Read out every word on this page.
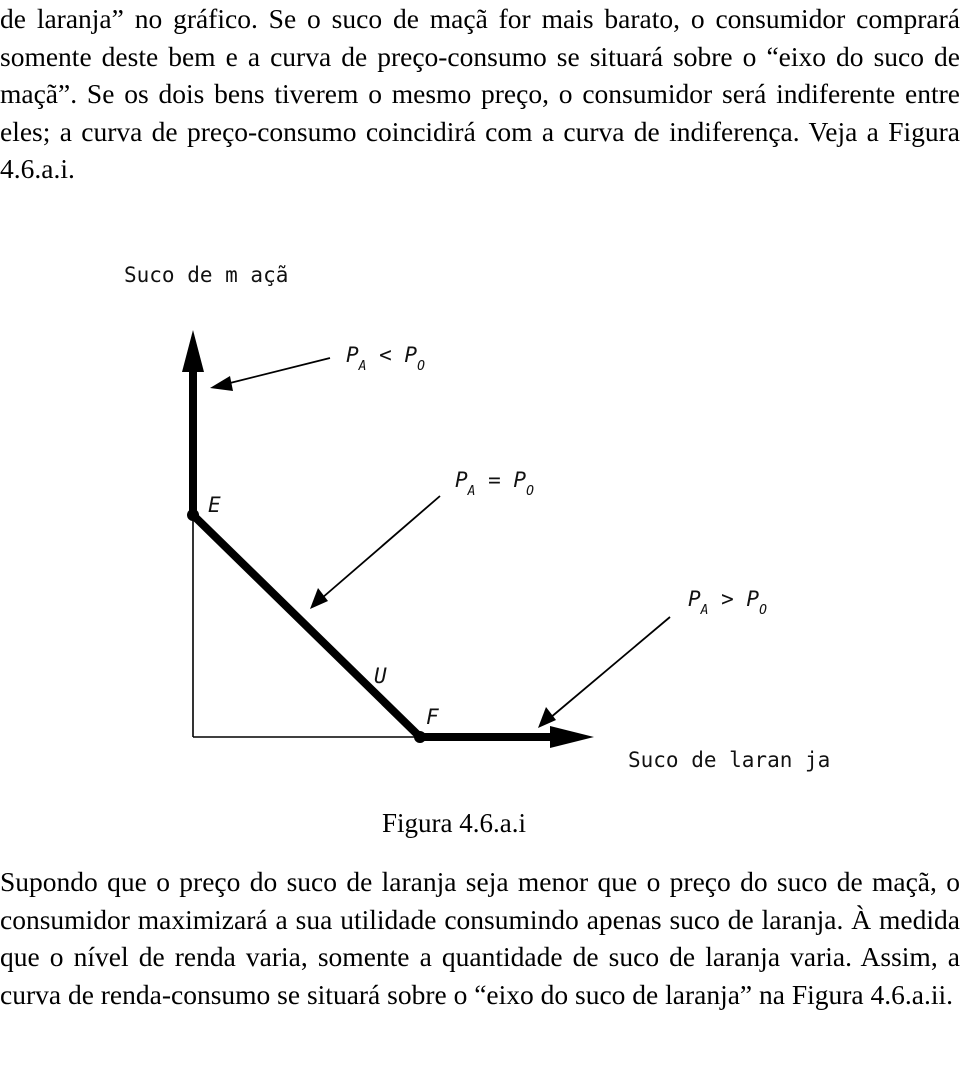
de laranja” no gráfico. Se o suco de maçã for mais barato, o consumidor comprará somente deste bem e a curva de preço-consumo se situará sobre o “eixo do suco de maçã”. Se os dois bens tiverem o mesmo preço, o consumidor será indiferente entre eles; a curva de preço-consumo coincidirá com a curva de indiferença. Veja a Figura 4.6.a.i.

Suco de m açã
E
F
U
$P_A < P_O$
$P_A = P_O$
$P_A > P_O$
Suco de laran ja
Figura 4.6.a.i

Supondo que o preço do suco de laranja seja menor que o preço do suco de maçã, o consumidor maximizará a sua utilidade consumindo apenas suco de laranja. À medida que o nível de renda varia, somente a quantidade de suco de laranja varia. Assim, a curva de renda-consumo se situará sobre o “eixo do suco de laranja” na Figura 4.6.a.ii.
